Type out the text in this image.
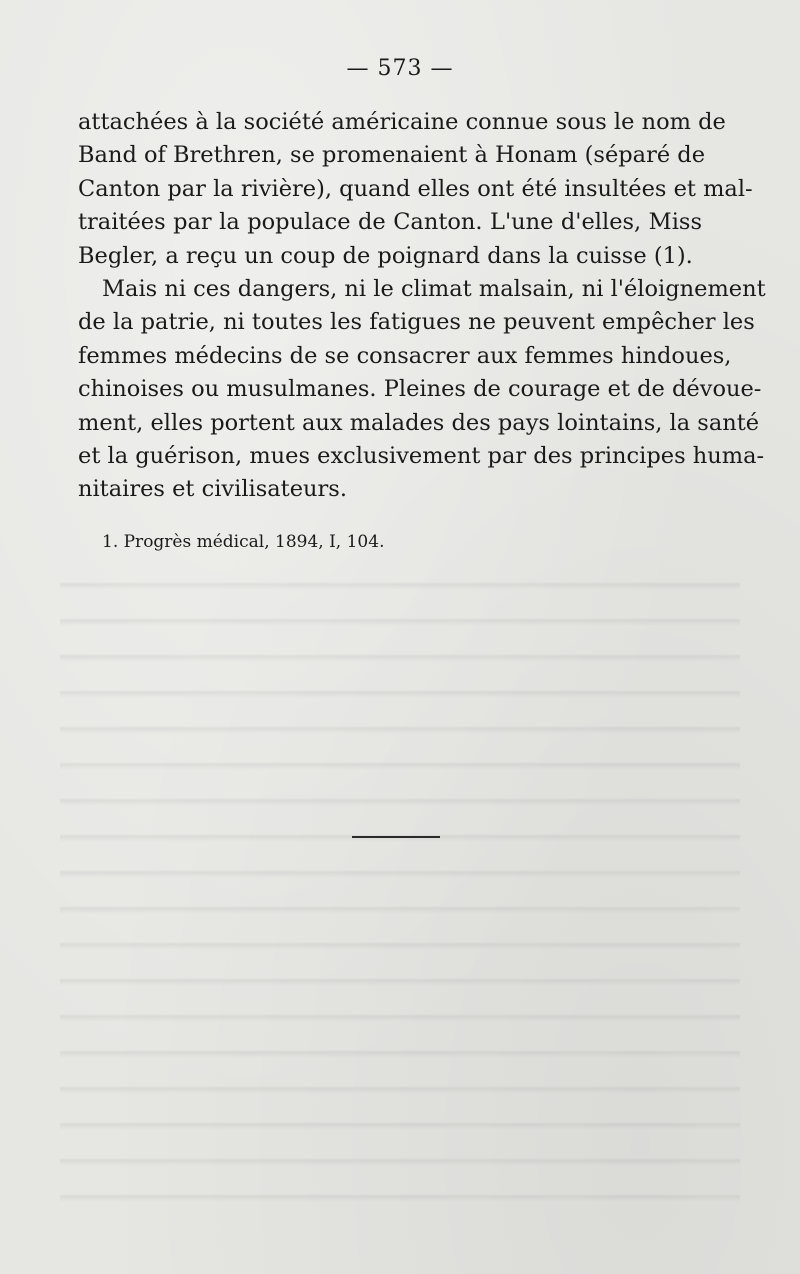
— 573 —

attachées à la société américaine connue sous le nom de
Band of Brethren, se promenaient à Honam (séparé de
Canton par la rivière), quand elles ont été insultées et mal-
traitées par la populace de Canton. L'une d'elles, Miss
Begler, a reçu un coup de poignard dans la cuisse (1).

Mais ni ces dangers, ni le climat malsain, ni l'éloignement
de la patrie, ni toutes les fatigues ne peuvent empêcher les
femmes médecins de se consacrer aux femmes hindoues,
chinoises ou musulmanes. Pleines de courage et de dévoue-
ment, elles portent aux malades des pays lointains, la santé
et la guérison, mues exclusivement par des principes huma-
nitaires et civilisateurs.

1. Progrès médical, 1894, I, 104.
